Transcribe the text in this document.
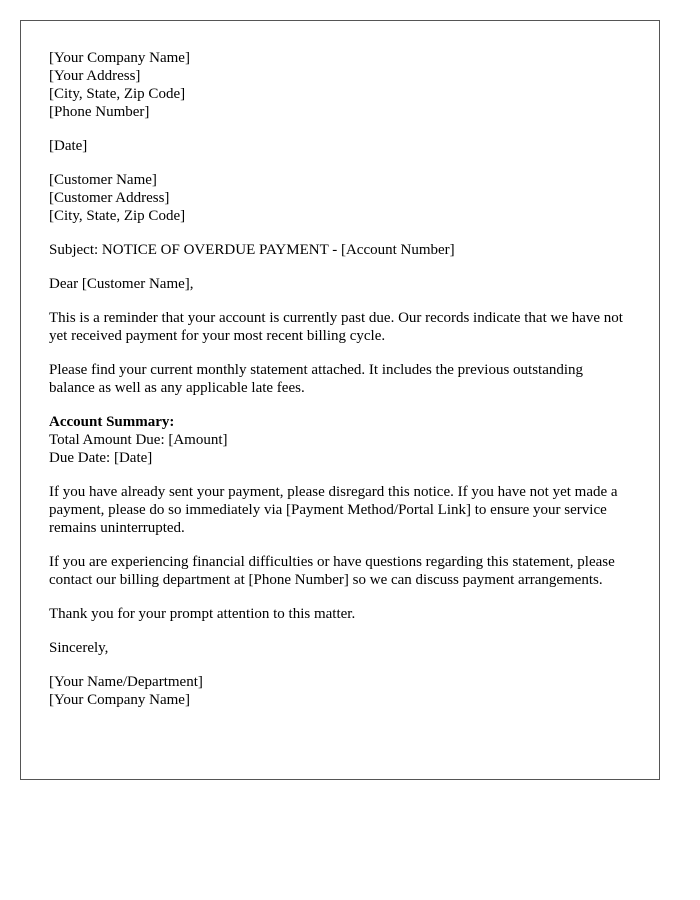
[Your Company Name]
[Your Address]
[City, State, Zip Code]
[Phone Number]
[Date]
[Customer Name]
[Customer Address]
[City, State, Zip Code]

Subject: NOTICE OF OVERDUE PAYMENT - [Account Number]

Dear [Customer Name],

This is a reminder that your account is currently past due. Our records indicate that we have not yet received payment for your most recent billing cycle.

Please find your current monthly statement attached. It includes the previous outstanding balance as well as any applicable late fees.

Account Summary:
Total Amount Due: [Amount]
Due Date: [Date]

If you have already sent your payment, please disregard this notice. If you have not yet made a payment, please do so immediately via [Payment Method/Portal Link] to ensure your service remains uninterrupted.

If you are experiencing financial difficulties or have questions regarding this statement, please contact our billing department at [Phone Number] so we can discuss payment arrangements.

Thank you for your prompt attention to this matter.

Sincerely,

[Your Name/Department]
[Your Company Name]
